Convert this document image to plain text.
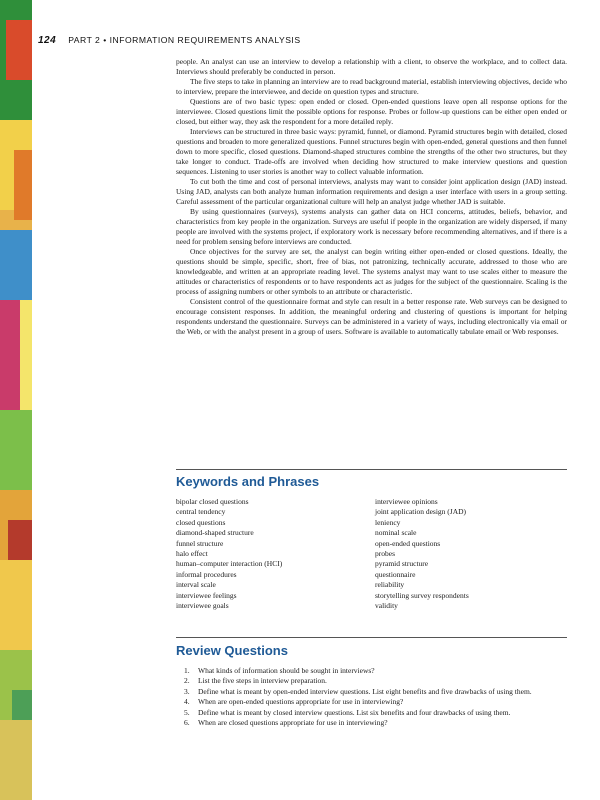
124 PART 2 • INFORMATION REQUIREMENTS ANALYSIS

people. An analyst can use an interview to develop a relationship with a client, to observe the workplace, and to collect data. Interviews should preferably be conducted in person.

The five steps to take in planning an interview are to read background material, establish interviewing objectives, decide who to interview, prepare the interviewee, and decide on question types and structure.

Questions are of two basic types: open ended or closed. Open-ended questions leave open all response options for the interviewee. Closed questions limit the possible options for response. Probes or follow-up questions can be either open ended or closed, but either way, they ask the respondent for a more detailed reply.

Interviews can be structured in three basic ways: pyramid, funnel, or diamond. Pyramid structures begin with detailed, closed questions and broaden to more generalized questions. Funnel structures begin with open-ended, general questions and then funnel down to more specific, closed questions. Diamond-shaped structures combine the strengths of the other two structures, but they take longer to conduct. Trade-offs are involved when deciding how structured to make interview questions and question sequences. Listening to user stories is another way to collect valuable information.

To cut both the time and cost of personal interviews, analysts may want to consider joint application design (JAD) instead. Using JAD, analysts can both analyze human information requirements and design a user interface with users in a group setting. Careful assessment of the particular organizational culture will help an analyst judge whether JAD is suitable.

By using questionnaires (surveys), systems analysts can gather data on HCI concerns, attitudes, beliefs, behavior, and characteristics from key people in the organization. Surveys are useful if people in the organization are widely dispersed, if many people are involved with the systems project, if exploratory work is necessary before recommending alternatives, and if there is a need for problem sensing before interviews are conducted.

Once objectives for the survey are set, the analyst can begin writing either open-ended or closed questions. Ideally, the questions should be simple, specific, short, free of bias, not patronizing, technically accurate, addressed to those who are knowledgeable, and written at an appropriate reading level. The systems analyst may want to use scales either to measure the attitudes or characteristics of respondents or to have respondents act as judges for the subject of the questionnaire. Scaling is the process of assigning numbers or other symbols to an attribute or characteristic.

Consistent control of the questionnaire format and style can result in a better response rate. Web surveys can be designed to encourage consistent responses. In addition, the meaningful ordering and clustering of questions is important for helping respondents understand the questionnaire. Surveys can be administered in a variety of ways, including electronically via email or the Web, or with the analyst present in a group of users. Software is available to automatically tabulate email or Web responses.

Keywords and Phrases
bipolar closed questions
central tendency
closed questions
diamond-shaped structure
funnel structure
halo effect
human–computer interaction (HCI)
informal procedures
interval scale
interviewee feelings
interviewee goals
interviewee opinions
joint application design (JAD)
leniency
nominal scale
open-ended questions
probes
pyramid structure
questionnaire
reliability
storytelling survey respondents
validity
Review Questions
1. What kinds of information should be sought in interviews?
2. List the five steps in interview preparation.
3. Define what is meant by open-ended interview questions. List eight benefits and five drawbacks of using them.
4. When are open-ended questions appropriate for use in interviewing?
5. Define what is meant by closed interview questions. List six benefits and four drawbacks of using them.
6. When are closed questions appropriate for use in interviewing?
